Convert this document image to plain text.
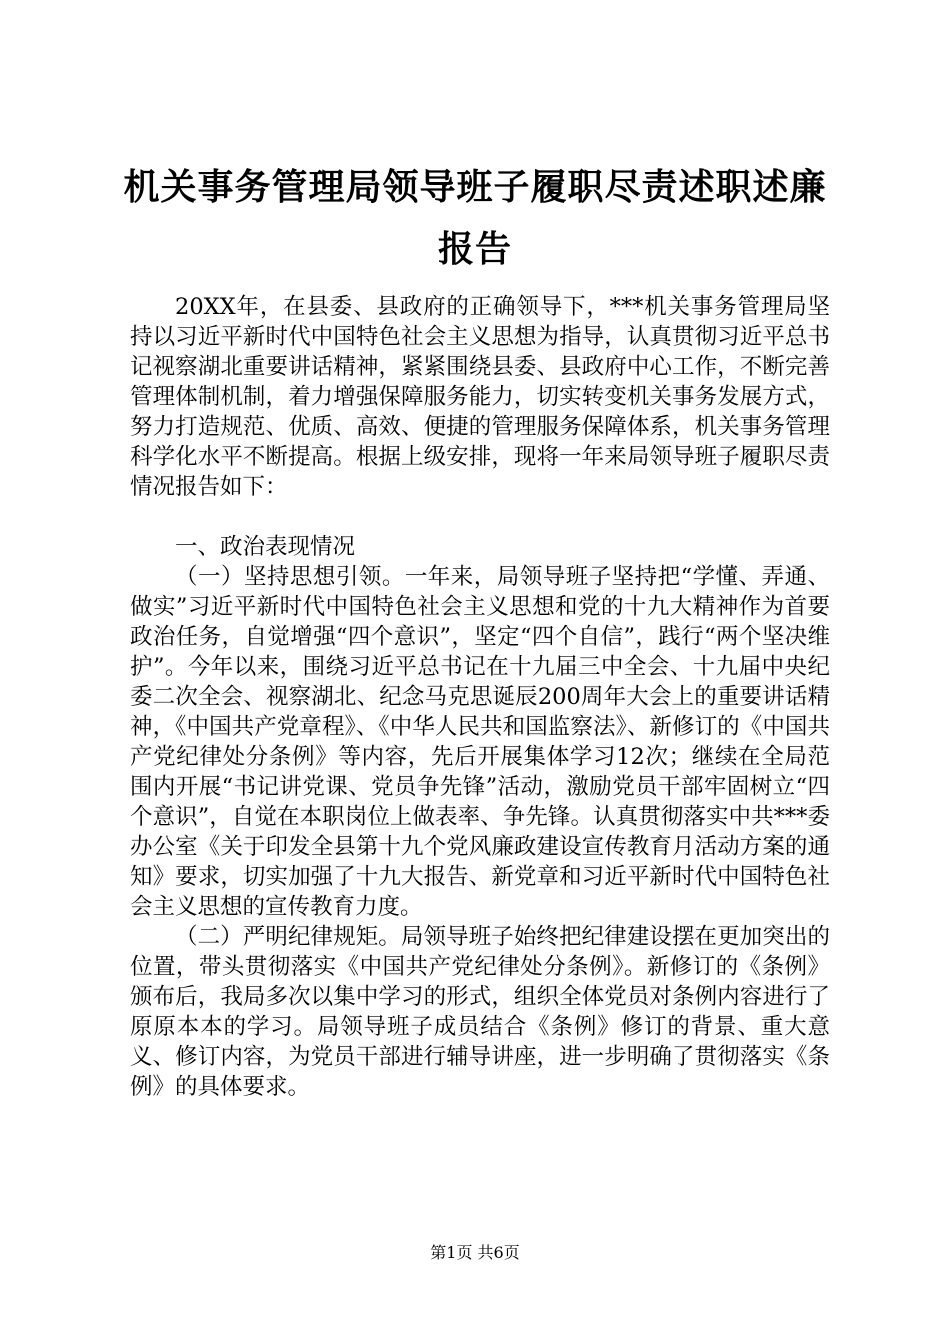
机关事务管理局领导班子履职尽责述职述廉报告

20XX年，在县委、县政府的正确领导下，***机关事务管理局坚持以习近平新时代中国特色社会主义思想为指导，认真贯彻习近平总书记视察湖北重要讲话精神，紧紧围绕县委、县政府中心工作，不断完善管理体制机制，着力增强保障服务能力，切实转变机关事务发展方式，努力打造规范、优质、高效、便捷的管理服务保障体系，机关事务管理科学化水平不断提高。根据上级安排，现将一年来局领导班子履职尽责情况报告如下：

一、政治表现情况

（一）坚持思想引领。一年来，局领导班子坚持把“学懂、弄通、做实”习近平新时代中国特色社会主义思想和党的十九大精神作为首要政治任务，自觉增强“四个意识”，坚定“四个自信”，践行“两个坚决维护”。今年以来，围绕习近平总书记在十九届三中全会、十九届中央纪委二次全会、视察湖北、纪念马克思诞辰200周年大会上的重要讲话精神，《中国共产党章程》、《中华人民共和国监察法》、新修订的《中国共产党纪律处分条例》等内容，先后开展集体学习12次；继续在全局范围内开展“书记讲党课、党员争先锋”活动，激励党员干部牢固树立“四个意识”，自觉在本职岗位上做表率、争先锋。认真贯彻落实中共***委办公室《关于印发全县第十九个党风廉政建设宣传教育月活动方案的通知》要求，切实加强了十九大报告、新党章和习近平新时代中国特色社会主义思想的宣传教育力度。

（二）严明纪律规矩。局领导班子始终把纪律建设摆在更加突出的位置，带头贯彻落实《中国共产党纪律处分条例》。新修订的《条例》颁布后，我局多次以集中学习的形式，组织全体党员对条例内容进行了原原本本的学习。局领导班子成员结合《条例》修订的背景、重大意义、修订内容，为党员干部进行辅导讲座，进一步明确了贯彻落实《条例》的具体要求。

第1页 共6页
